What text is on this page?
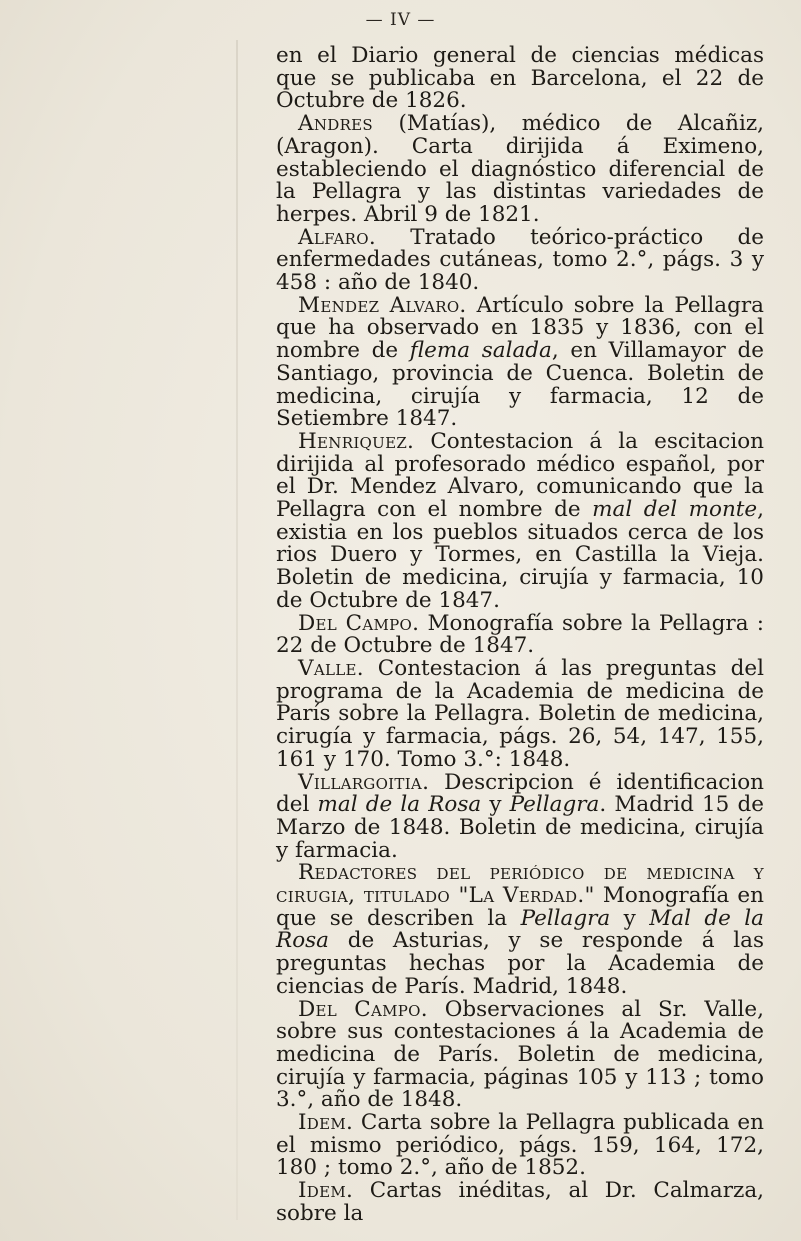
— IV —

en el Diario general de ciencias médicas que se publicaba en Barcelona, el 22 de Octubre de 1826.

Andres (Matías), médico de Alcañiz, (Aragon). Carta dirijida á Eximeno, estableciendo el diagnóstico diferencial de la Pellagra y las distintas variedades de herpes. Abril 9 de 1821.

Alfaro. Tratado teórico-práctico de enfermedades cutáneas, tomo 2.°, págs. 3 y 458 : año de 1840.

Mendez Alvaro. Artículo sobre la Pellagra que ha observado en 1835 y 1836, con el nombre de flema salada, en Villamayor de Santiago, provincia de Cuenca. Boletin de medicina, cirujía y farmacia, 12 de Setiembre 1847.

Henriquez. Contestacion á la escitacion dirijida al profesorado médico español, por el Dr. Mendez Alvaro, comunicando que la Pellagra con el nombre de mal del monte, existia en los pueblos situados cerca de los rios Duero y Tormes, en Castilla la Vieja. Boletin de medicina, cirujía y farmacia, 10 de Octubre de 1847.

Del Campo. Monografía sobre la Pellagra : 22 de Octubre de 1847.

Valle. Contestacion á las preguntas del programa de la Academia de medicina de París sobre la Pellagra. Boletin de medicina, cirugía y farmacia, págs. 26, 54, 147, 155, 161 y 170. Tomo 3.°: 1848.

Villargoitia. Descripcion é identificacion del mal de la Rosa y Pellagra. Madrid 15 de Marzo de 1848. Boletin de medicina, cirujía y farmacia.

Redactores del periódico de medicina y cirugia, titulado "La Verdad." Monografía en que se describen la Pellagra y Mal de la Rosa de Asturias, y se responde á las preguntas hechas por la Academia de ciencias de París. Madrid, 1848.

Del Campo. Observaciones al Sr. Valle, sobre sus contestaciones á la Academia de medicina de París. Boletin de medicina, cirujía y farmacia, páginas 105 y 113 ; tomo 3.°, año de 1848.

Idem. Carta sobre la Pellagra publicada en el mismo periódico, págs. 159, 164, 172, 180 ; tomo 2.°, año de 1852.

Idem. Cartas inéditas, al Dr. Calmarza, sobre la
